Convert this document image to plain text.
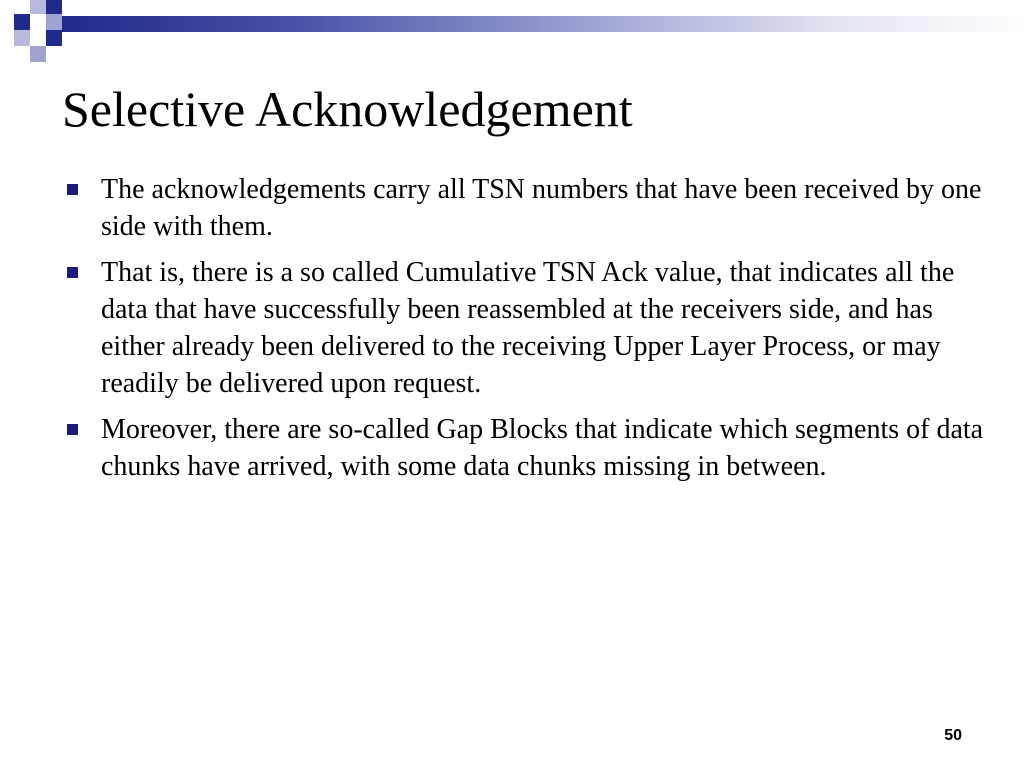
Selective Acknowledgement
The acknowledgements carry all TSN numbers that have been received by one side with them.
That is, there is a so called Cumulative TSN Ack value, that indicates all the data that have successfully been reassembled at the receivers side, and has either already been delivered to the receiving Upper Layer Process, or may readily be delivered upon request.
Moreover, there are so-called Gap Blocks that indicate which segments of data chunks have arrived, with some data chunks missing in between.
50
